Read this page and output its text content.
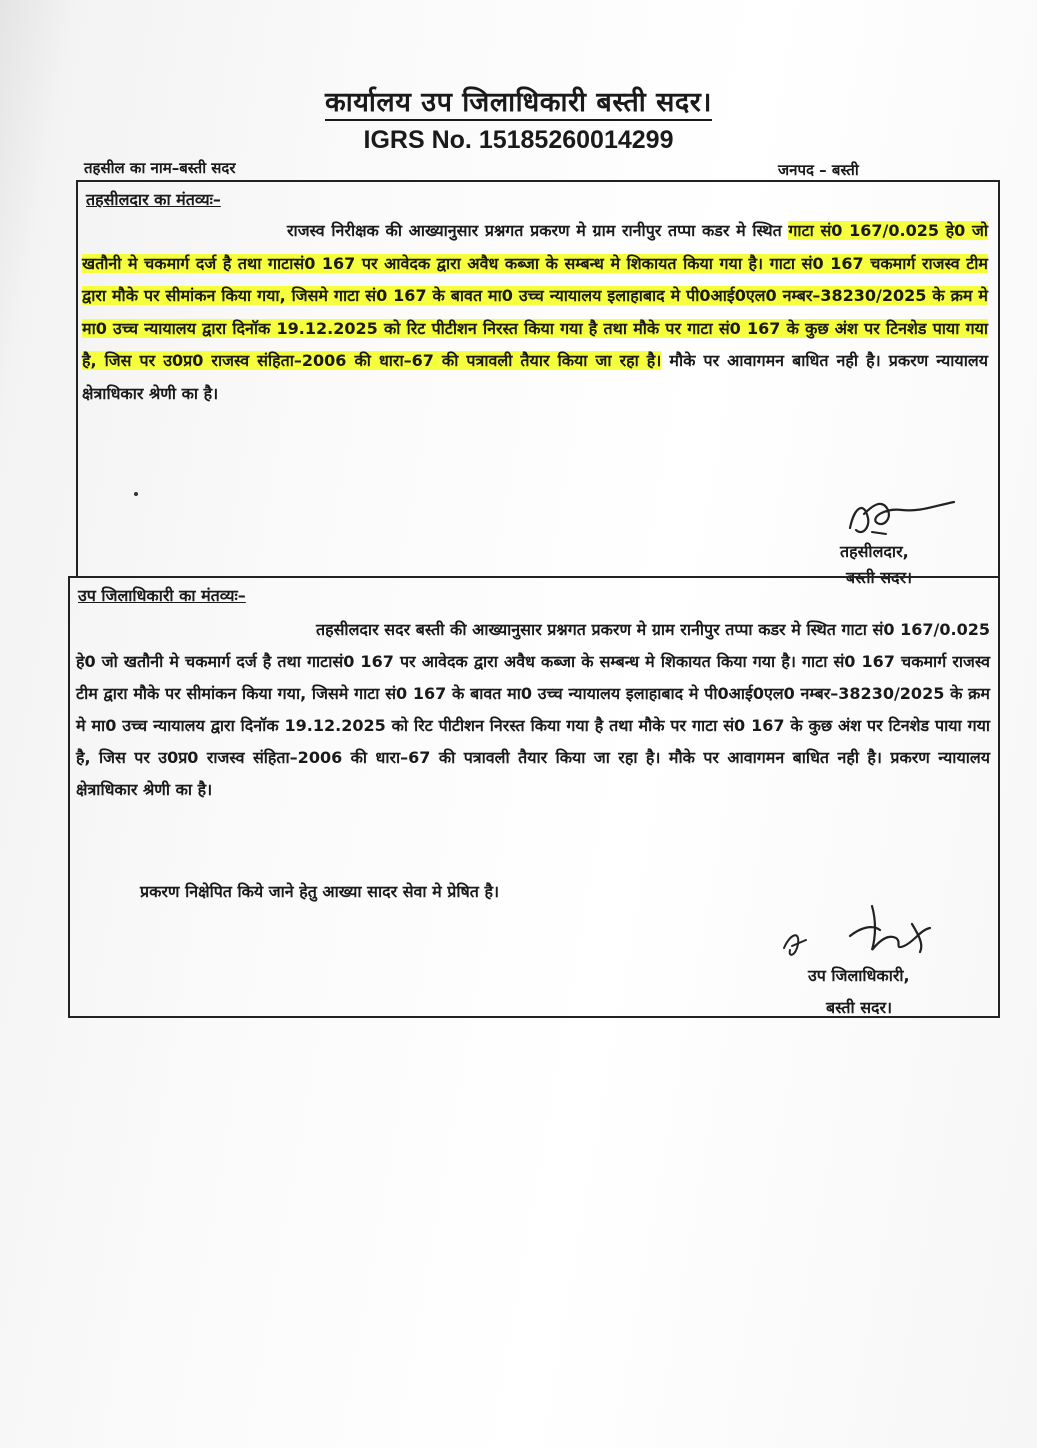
कार्यालय उप जिलाधिकारी बस्ती सदर।
IGRS No. 15185260014299
तहसील का नाम–बस्ती सदर	जनपद – बस्ती
तहसीलदार का मंतव्यः–
राजस्व निरीक्षक की आख्यानुसार प्रश्नगत प्रकरण मे ग्राम रानीपुर तप्पा कडर मे स्थित गाटा सं0 167/0.025 हे0 जो खतौनी मे चकमार्ग दर्ज है तथा गाटासं0 167 पर आवेदक द्वारा अवैध कब्जा के सम्बन्ध मे शिकायत किया गया है। गाटा सं0 167 चकमार्ग राजस्व टीम द्वारा मौके पर सीमांकन किया गया, जिसमे गाटा सं0 167 के बावत मा0 उच्च न्यायालय इलाहाबाद मे पी0आई0एल0 नम्बर–38230/2025 के क्रम मे मा0 उच्च न्यायालय द्वारा दिनॉक 19.12.2025 को रिट पीटीशन निरस्त किया गया है तथा मौके पर गाटा सं0 167 के कुछ अंश पर टिनशेड पाया गया है, जिस पर उ0प्र0 राजस्व संहिता–2006 की धारा–67 की पत्रावली तैयार किया जा रहा है। मौके पर आवागमन बाधित नही है। प्रकरण न्यायालय क्षेत्राधिकार श्रेणी का है।
तहसीलदार,
बस्ती सदर।
उप जिलाधिकारी का मंतव्यः–
तहसीलदार सदर बस्ती की आख्यानुसार प्रश्नगत प्रकरण मे ग्राम रानीपुर तप्पा कडर मे स्थित गाटा सं0 167/0.025 हे0 जो खतौनी मे चकमार्ग दर्ज है तथा गाटासं0 167 पर आवेदक द्वारा अवैध कब्जा के सम्बन्ध मे शिकायत किया गया है। गाटा सं0 167 चकमार्ग राजस्व टीम द्वारा मौके पर सीमांकन किया गया, जिसमे गाटा सं0 167 के बावत मा0 उच्च न्यायालय इलाहाबाद मे पी0आई0एल0 नम्बर–38230/2025 के क्रम मे मा0 उच्च न्यायालय द्वारा दिनॉक 19.12.2025 को रिट पीटीशन निरस्त किया गया है तथा मौके पर गाटा सं0 167 के कुछ अंश पर टिनशेड पाया गया है, जिस पर उ0प्र0 राजस्व संहिता–2006 की धारा–67 की पत्रावली तैयार किया जा रहा है। मौके पर आवागमन बाधित नही है। प्रकरण न्यायालय क्षेत्राधिकार श्रेणी का है।
प्रकरण निक्षेपित किये जाने हेतु आख्या सादर सेवा मे प्रेषित है।
उप जिलाधिकारी,
बस्ती सदर।
